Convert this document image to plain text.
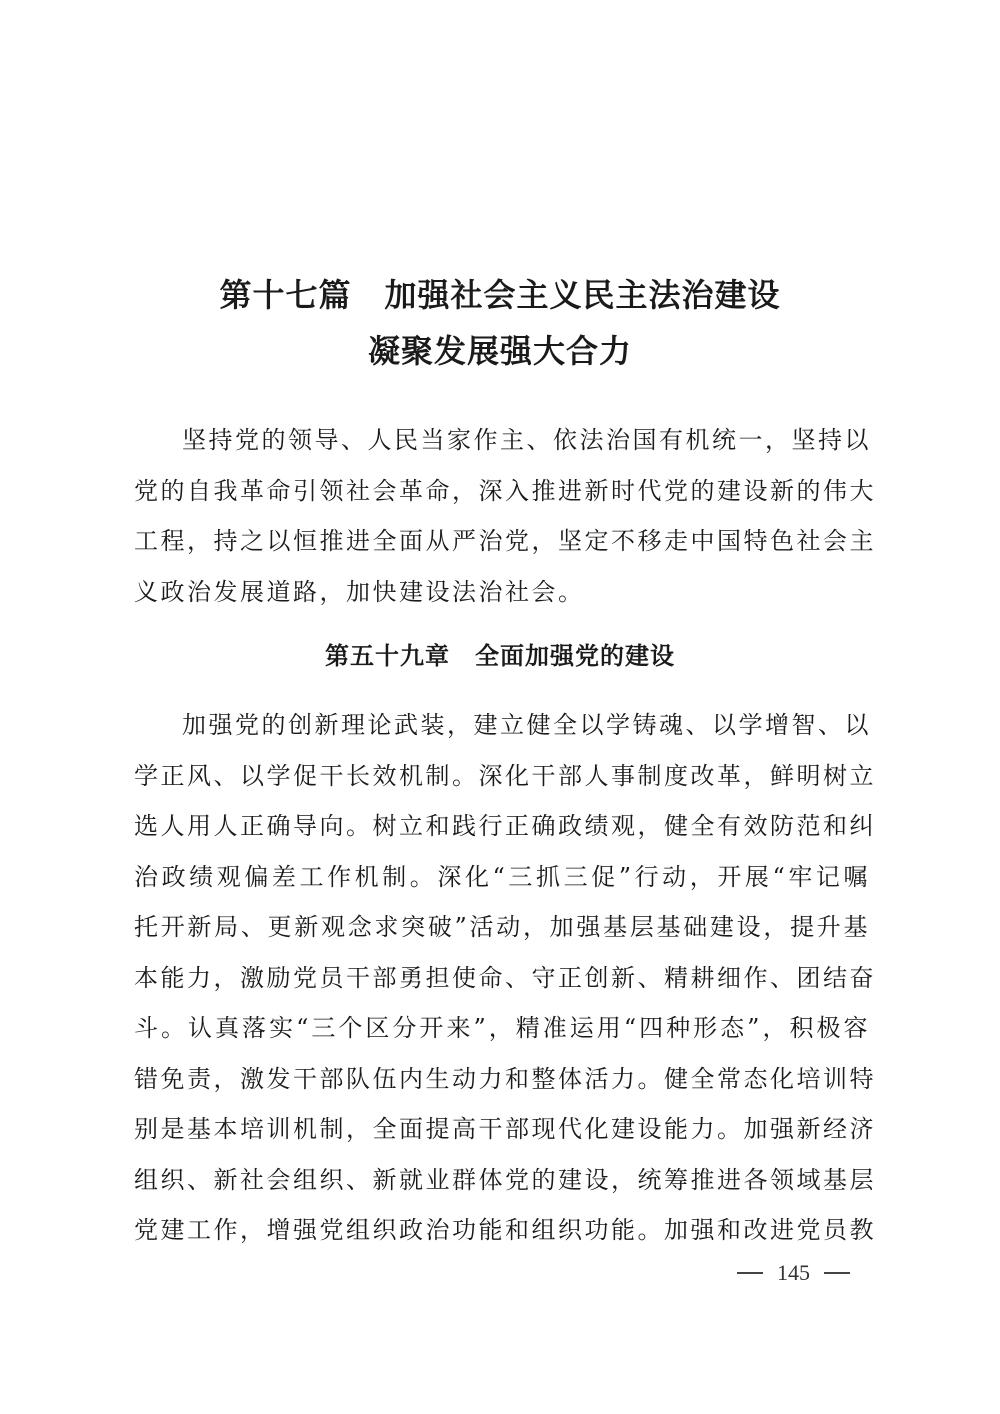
第十七篇　加强社会主义民主法治建设
凝聚发展强大合力
坚持党的领导、人民当家作主、依法治国有机统一，坚持以
党的自我革命引领社会革命，深入推进新时代党的建设新的伟大
工程，持之以恒推进全面从严治党，坚定不移走中国特色社会主
义政治发展道路，加快建设法治社会。
第五十九章　全面加强党的建设
加强党的创新理论武装，建立健全以学铸魂、以学增智、以
学正风、以学促干长效机制。深化干部人事制度改革，鲜明树立
选人用人正确导向。树立和践行正确政绩观，健全有效防范和纠
治政绩观偏差工作机制。深化“三抓三促”行动，开展“牢记嘱
托开新局、更新观念求突破”活动，加强基层基础建设，提升基
本能力，激励党员干部勇担使命、守正创新、精耕细作、团结奋
斗。认真落实“三个区分开来”，精准运用“四种形态”，积极容
错免责，激发干部队伍内生动力和整体活力。健全常态化培训特
别是基本培训机制，全面提高干部现代化建设能力。加强新经济
组织、新社会组织、新就业群体党的建设，统筹推进各领域基层
党建工作，增强党组织政治功能和组织功能。加强和改进党员教
145
